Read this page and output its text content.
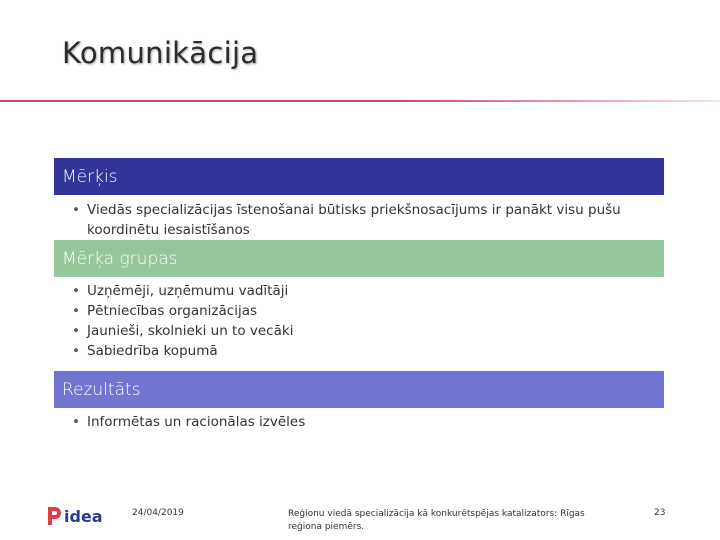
Komunikācija
Mērķis
• Viedās specializācijas īstenošanai būtisks priekšnosacījums ir panākt visu pušu koordinētu iesaistīšanos
Mērķa grupas
• Uzņēmēji, uzņēmumu vadītāji
• Pētniecības organizācijas
• Jaunieši, skolnieki un to vecāki
• Sabiedrība kopumā
Rezultāts
• Informētas un racionālas izvēles
idea	24/04/2019	Reģionu viedā specializācija kā konkurētspējas katalizators: Rīgas reģiona piemērs.
23
